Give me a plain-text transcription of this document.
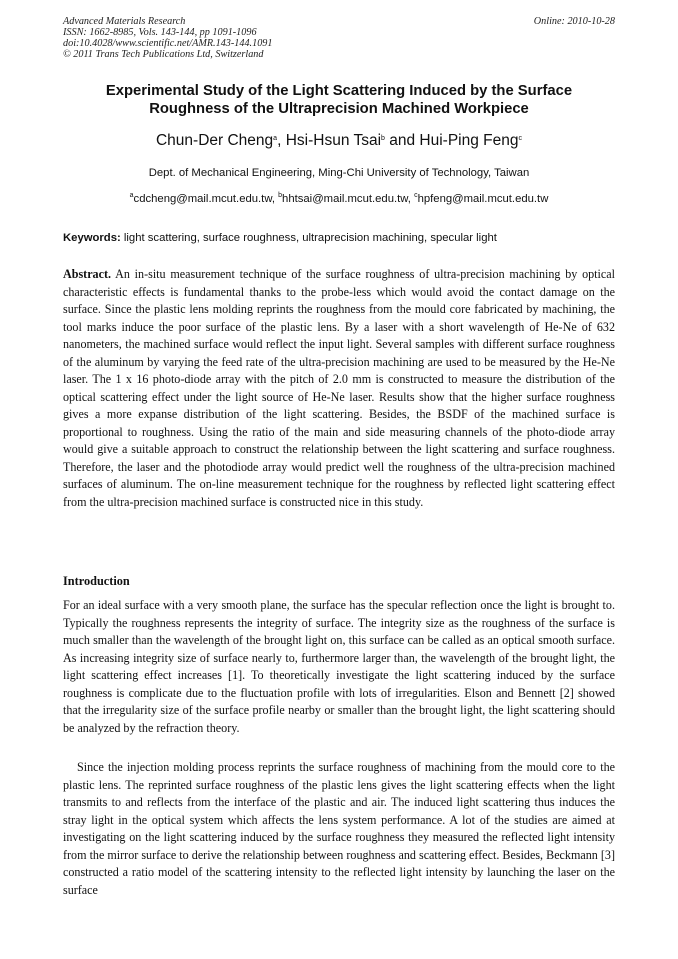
Advanced Materials Research
ISSN: 1662-8985, Vols. 143-144, pp 1091-1096
doi:10.4028/www.scientific.net/AMR.143-144.1091
© 2011 Trans Tech Publications Ltd, Switzerland
Online: 2010-10-28
Experimental Study of the Light Scattering Induced by the Surface
Roughness of the Ultraprecision Machined Workpiece
Chun-Der Cheng$^a$, Hsi-Hsun Tsai$^b$ and Hui-Ping Feng$^c$
Dept. of Mechanical Engineering, Ming-Chi University of Technology, Taiwan
$^a$cdcheng@mail.mcut.edu.tw, $^b$hhtsai@mail.mcut.edu.tw, $^c$hpfeng@mail.mcut.edu.tw
Keywords: light scattering, surface roughness, ultraprecision machining, specular light
Abstract. An in-situ measurement technique of the surface roughness of ultra-precision machining by optical characteristic effects is fundamental thanks to the probe-less which would avoid the contact damage on the surface. Since the plastic lens molding reprints the roughness from the mould core fabricated by machining, the tool marks induce the poor surface of the plastic lens. By a laser with a short wavelength of He-Ne of 632 nanometers, the machined surface would reflect the input light. Several samples with different surface roughness of the aluminum by varying the feed rate of the ultra-precision machining are used to be measured by the He-Ne laser. The 1 x 16 photo-diode array with the pitch of 2.0 mm is constructed to measure the distribution of the optical scattering effect under the light source of He-Ne laser. Results show that the higher surface roughness gives a more expanse distribution of the light scattering. Besides, the BSDF of the machined surface is proportional to roughness. Using the ratio of the main and side measuring channels of the photo-diode array would give a suitable approach to construct the relationship between the light scattering and surface roughness. Therefore, the laser and the photodiode array would predict well the roughness of the ultra-precision machined surfaces of aluminum. The on-line measurement technique for the roughness by reflected light scattering effect from the ultra-precision machined surface is constructed nice in this study.
Introduction
For an ideal surface with a very smooth plane, the surface has the specular reflection once the light is brought to. Typically the roughness represents the integrity of surface. The integrity size as the roughness of the surface is much smaller than the wavelength of the brought light on, this surface can be called as an optical smooth surface. As increasing integrity size of surface nearly to, furthermore larger than, the wavelength of the brought light, the light scattering effect increases [1]. To theoretically investigate the light scattering induced by the surface roughness is complicate due to the fluctuation profile with lots of irregularities. Elson and Bennett [2] showed that the irregularity size of the surface profile nearby or smaller than the brought light, the light scattering should be analyzed by the refraction theory.
Since the injection molding process reprints the surface roughness of machining from the mould core to the plastic lens. The reprinted surface roughness of the plastic lens gives the light scattering effects when the light transmits to and reflects from the interface of the plastic and air. The induced light scattering thus induces the stray light in the optical system which affects the lens system performance. A lot of the studies are aimed at investigating on the light scattering induced by the surface roughness they measured the reflected light intensity from the mirror surface to derive the relationship between roughness and scattering effect. Besides, Beckmann [3] constructed a ratio model of the scattering intensity to the reflected light intensity by launching the laser on the surface
